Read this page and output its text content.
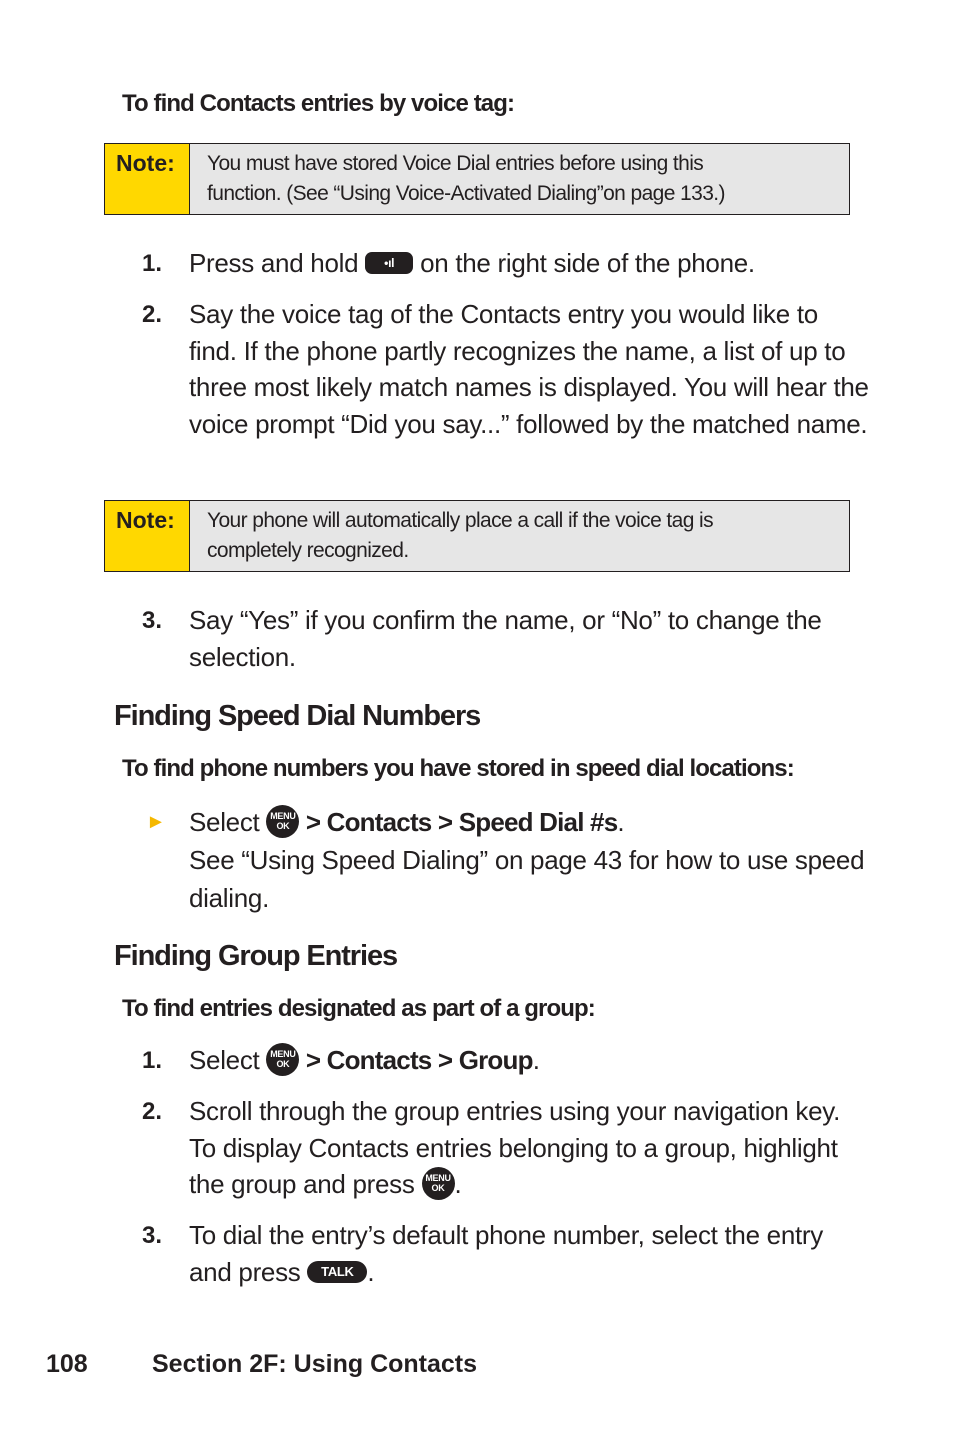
To find Contacts entries by voice tag:
Note:	You must have stored Voice Dial entries before using this
function. (See “Using Voice-Activated Dialing”on page 133.)
1. Press and hold •ıl on the right side of the phone.
2. Say the voice tag of the Contacts entry you would like to find. If the phone partly recognizes the name, a list of up to three most likely match names is displayed. You will hear the voice prompt “Did you say...” followed by the matched name.
Note:	Your phone will automatically place a call if the voice tag is
completely recognized.
3. Say “Yes” if you confirm the name, or “No” to change the selection.
Finding Speed Dial Numbers
To find phone numbers you have stored in speed dial locations:
► Select MENU
OK > Contacts > Speed Dial #s.
See “Using Speed Dialing” on page 43 for how to use speed dialing.
Finding Group Entries
To find entries designated as part of a group:
1. Select MENU
OK > Contacts > Group.
2. Scroll through the group entries using your navigation key. To display Contacts entries belonging to a group, highlight the group and press MENU
OK .
3. To dial the entry’s default phone number, select the entry and press TALK .
108	Section 2F: Using Contacts
